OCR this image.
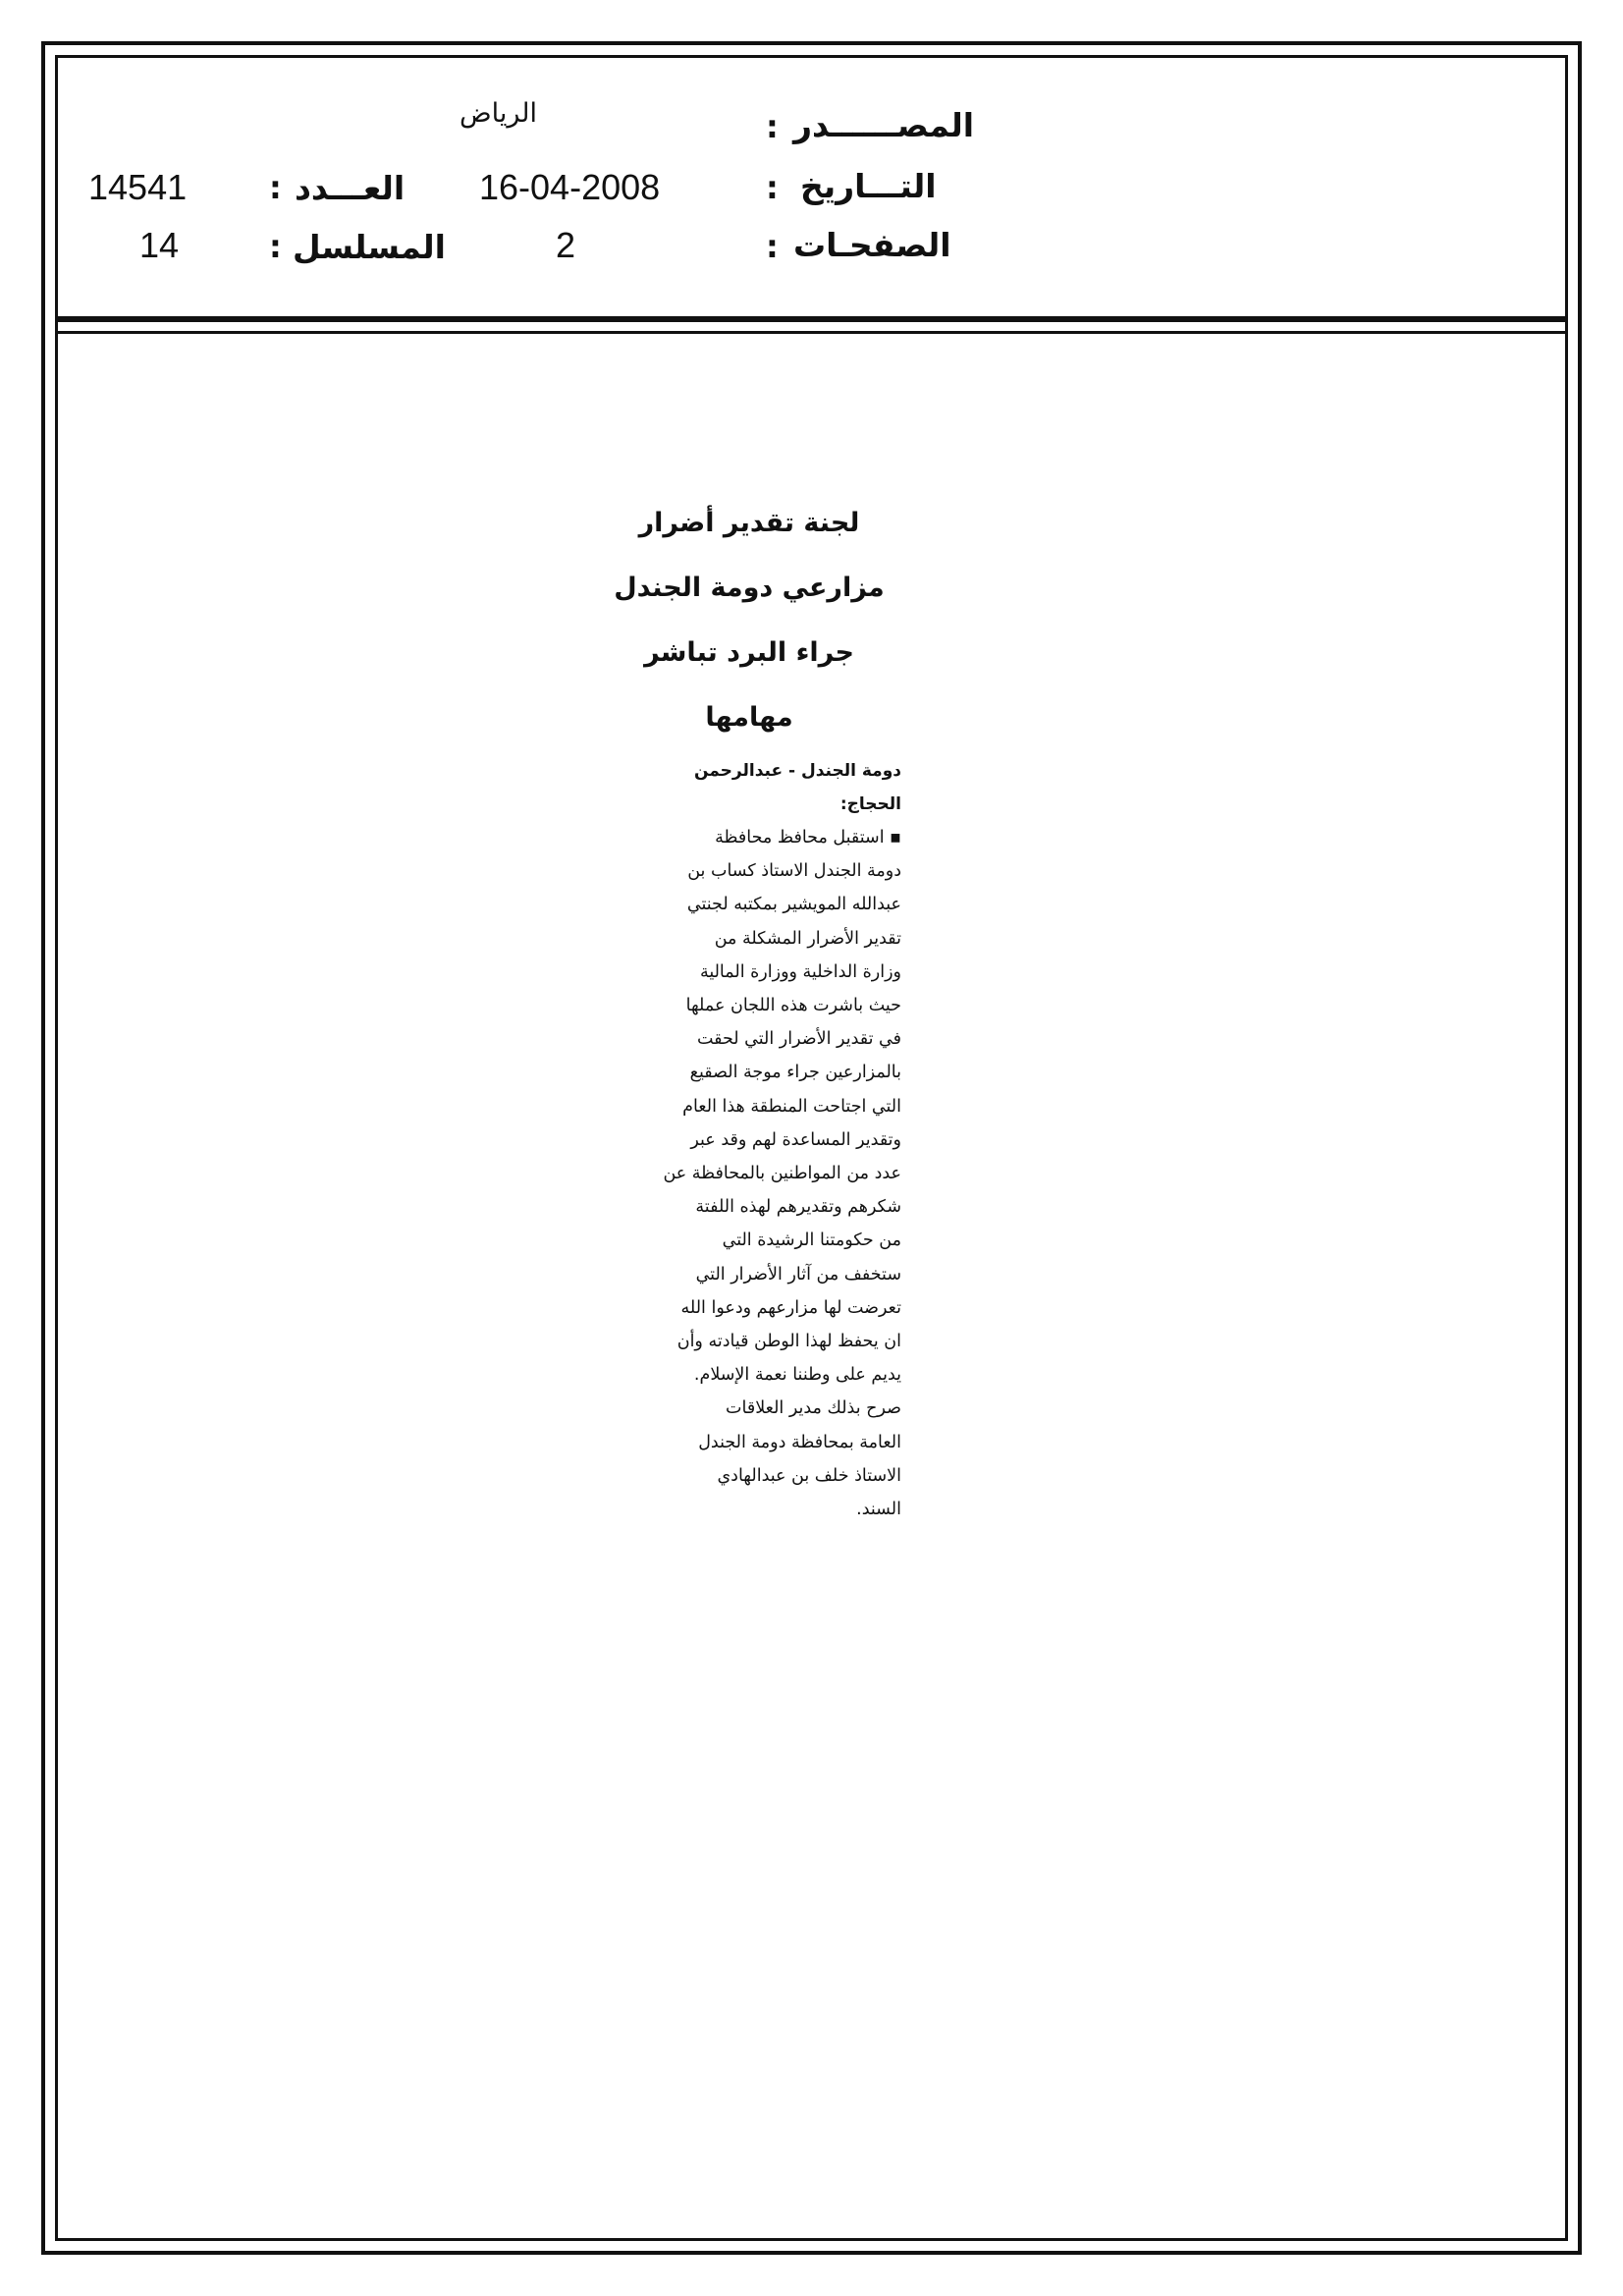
المصــــــدر
:
الرياض
التـــاريخ
:
16-04-2008
العـــدد
:
14541
الصفحـات
:
2
المسلسل
:
14
لجنة تقدير أضرار
مزارعي دومة الجندل
جراء البرد تباشر مهامها
دومة الجندل - عبدالرحمن
الحجاج:
▪ استقبل محافظ محافظة
دومة الجندل الاستاذ كساب بن
عبدالله المويشير بمكتبه لجنتي
تقدير الأضرار المشكلة من
وزارة الداخلية ووزارة المالية
حيث باشرت هذه اللجان عملها
في تقدير الأضرار التي لحقت
بالمزارعين جراء موجة الصقيع
التي اجتاحت المنطقة هذا العام
وتقدير المساعدة لهم وقد عبر
عدد من المواطنين بالمحافظة عن
شكرهم وتقديرهم لهذه اللفتة
من حكومتنا الرشيدة التي
ستخفف من آثار الأضرار التي
تعرضت لها مزارعهم ودعوا الله
ان يحفظ لهذا الوطن قيادته وأن
يديم على وطننا نعمة الإسلام.
صرح بذلك مدير العلاقات
العامة بمحافظة دومة الجندل
الاستاذ خلف بن عبدالهادي
السند.
